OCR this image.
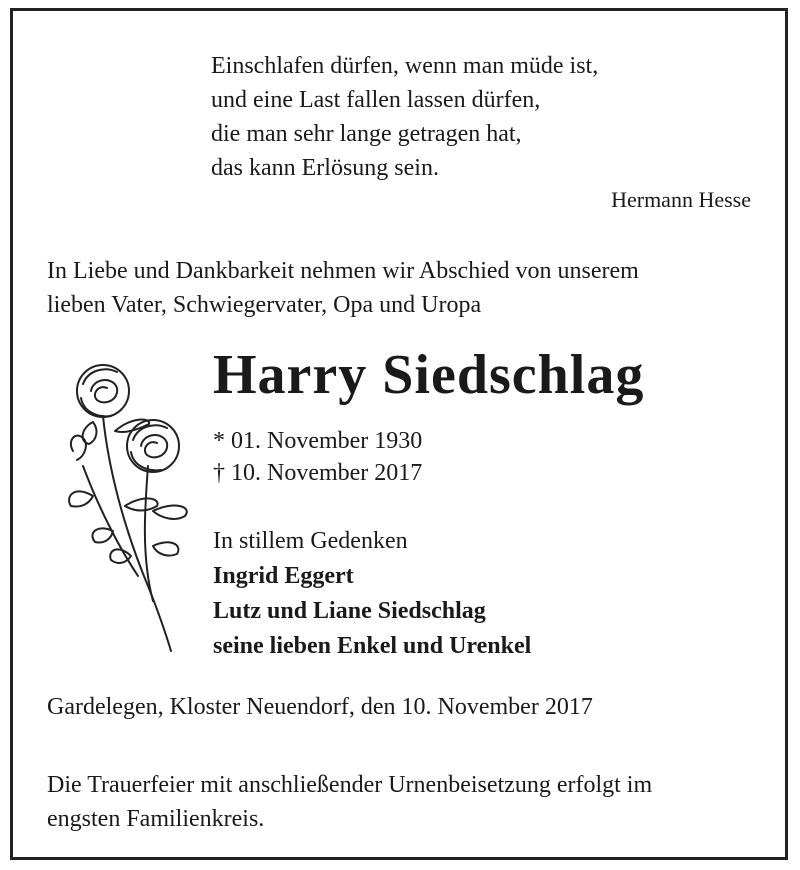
Einschlafen dürfen, wenn man müde ist,
und eine Last fallen lassen dürfen,
die man sehr lange getragen hat,
das kann Erlösung sein.
Hermann Hesse
In Liebe und Dankbarkeit nehmen wir Abschied von unserem
lieben Vater, Schwiegervater, Opa und Uropa
Harry Siedschlag
* 01. November 1930
† 10. November 2017
In stillem Gedenken
Ingrid Eggert
Lutz und Liane Siedschlag
seine lieben Enkel und Urenkel
Gardelegen, Kloster Neuendorf, den 10. November 2017
Die Trauerfeier mit anschließender Urnenbeisetzung erfolgt im
engsten Familienkreis.
